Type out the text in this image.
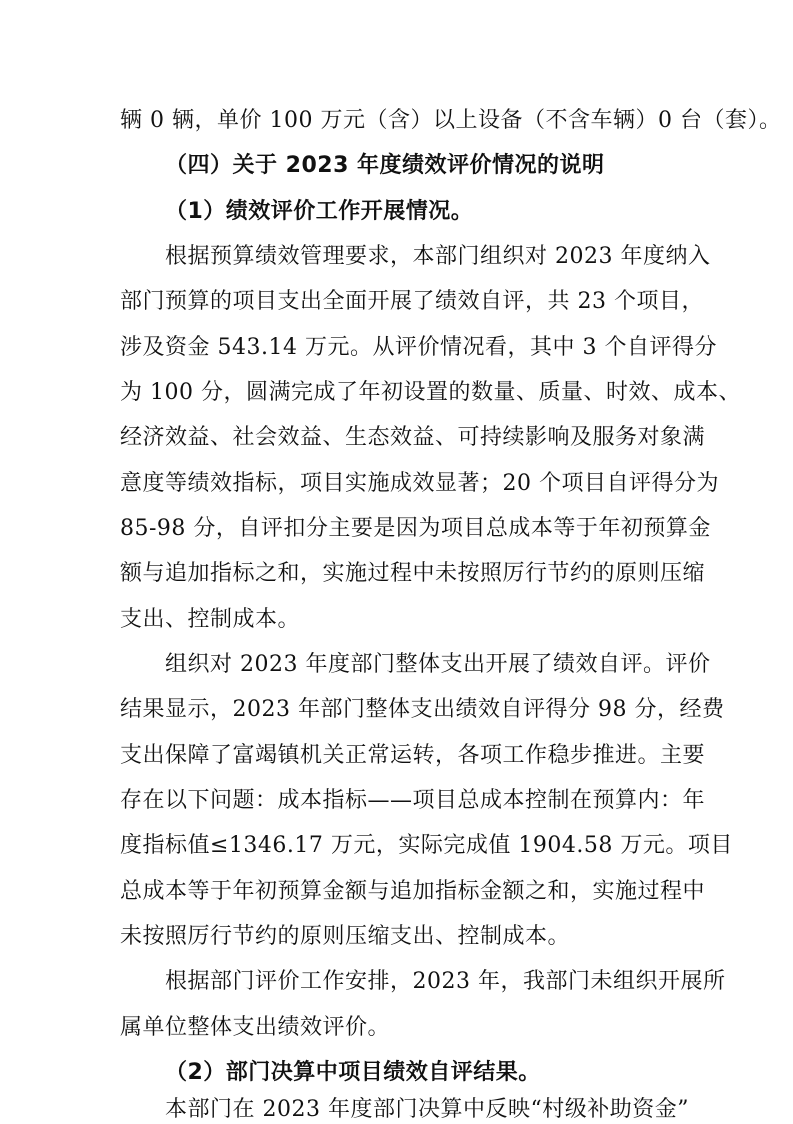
辆 0 辆，单价 100 万元（含）以上设备（不含车辆）0 台（套）。
（四）关于 2023 年度绩效评价情况的说明
（1）绩效评价工作开展情况。
根据预算绩效管理要求，本部门组织对 2023 年度纳入
部门预算的项目支出全面开展了绩效自评，共 23 个项目，
涉及资金 543.14 万元。从评价情况看，其中 3 个自评得分
为 100 分，圆满完成了年初设置的数量、质量、时效、成本、
经济效益、社会效益、生态效益、可持续影响及服务对象满
意度等绩效指标，项目实施成效显著；20 个项目自评得分为
85-98 分，自评扣分主要是因为项目总成本等于年初预算金
额与追加指标之和，实施过程中未按照厉行节约的原则压缩
支出、控制成本。
组织对 2023 年度部门整体支出开展了绩效自评。评价
结果显示，2023 年部门整体支出绩效自评得分 98 分，经费
支出保障了富竭镇机关正常运转，各项工作稳步推进。主要
存在以下问题：成本指标——项目总成本控制在预算内：年
度指标值≤1346.17 万元，实际完成值 1904.58 万元。项目
总成本等于年初预算金额与追加指标金额之和，实施过程中
未按照厉行节约的原则压缩支出、控制成本。
根据部门评价工作安排，2023 年，我部门未组织开展所
属单位整体支出绩效评价。
（2）部门决算中项目绩效自评结果。
本部门在 2023 年度部门决算中反映“村级补助资金”
